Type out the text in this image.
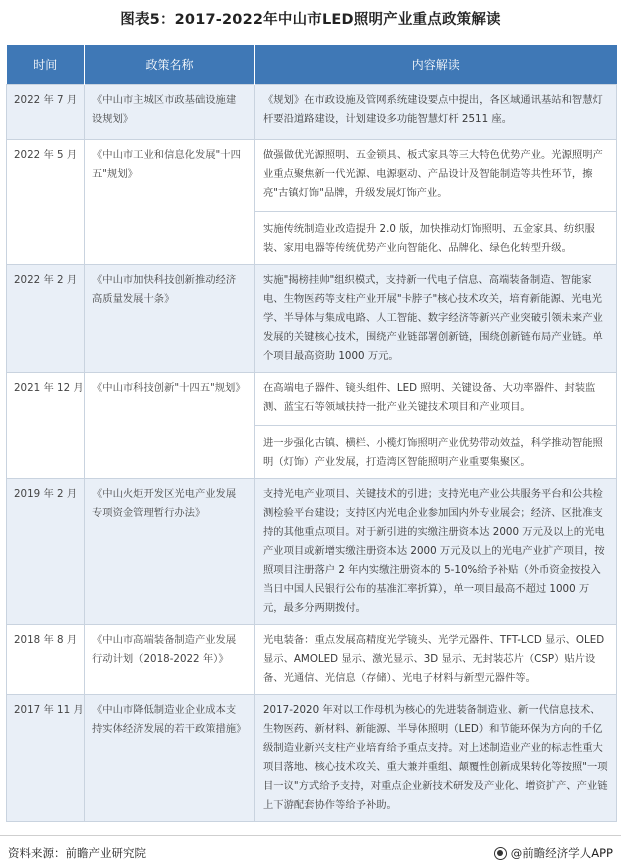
图表5：2017-2022年中山市LED照明产业重点政策解读
时间	政策名称	内容解读
2022 年 7 月	《中山市主城区市政基础设施建设规划》	《规划》在市政设施及管网系统建设要点中提出，各区域通讯基站和智慧灯杆要沿道路建设，计划建设多功能智慧灯杆 2511 座。

2022 年 5 月	《中山市工业和信息化发展"十四五"规划》	做强做优光源照明、五金锁具、板式家具等三大特色优势产业。光源照明产业重点聚焦新一代光源、电源驱动、产品设计及智能制造等共性环节，擦亮"古镇灯饰"品牌，升级发展灯饰产业。
实施传统制造业改造提升 2.0 版，加快推动灯饰照明、五金家具、纺织服装、家用电器等传统优势产业向智能化、品牌化、绿色化转型升级。

2022 年 2 月	《中山市加快科技创新推动经济高质量发展十条》	实施"揭榜挂帅"组织模式，支持新一代电子信息、高端装备制造、智能家电、生物医药等支柱产业开展"卡脖子"核心技术攻关，培育新能源、光电光学、半导体与集成电路、人工智能、数字经济等新兴产业突破引领未来产业发展的关键核心技术，围绕产业链部署创新链，围绕创新链布局产业链。单个项目最高资助 1000 万元。

2021 年 12 月	《中山市科技创新"十四五"规划》	在高端电子器件、镜头组件、LED 照明、关键设备、大功率器件、封装监测、蓝宝石等领域扶持一批产业关键技术项目和产业项目。
进一步强化古镇、横栏、小榄灯饰照明产业优势带动效益，科学推动智能照明（灯饰）产业发展，打造湾区智能照明产业重要集聚区。

2019 年 2 月	《中山火炬开发区光电产业发展专项资金管理暂行办法》	支持光电产业项目、关键技术的引进；支持光电产业公共服务平台和公共检测检验平台建设；支持区内光电企业参加国内外专业展会；经济、区批准支持的其他重点项目。对于新引进的实缴注册资本达 2000 万元及以上的光电产业项目或新增实缴注册资本达 2000 万元及以上的光电产业扩产项目，按照项目注册落户 2 年内实缴注册资本的 5-10%给予补贴（外币资金按投入当日中国人民银行公布的基准汇率折算），单一项目最高不超过 1000 万元，最多分两期拨付。

2018 年 8 月	《中山市高端装备制造产业发展行动计划（2018-2022 年）》	光电装备：重点发展高精度光学镜头、光学元器件、TFT-LCD 显示、OLED 显示、AMOLED 显示、激光显示、3D 显示、无封装芯片（CSP）贴片设备、光通信、光信息（存储）、光电子材料与新型元器件等。

2017 年 11 月	《中山市降低制造业企业成本支持实体经济发展的若干政策措施》	2017-2020 年对以工作母机为核心的先进装备制造业、新一代信息技术、生物医药、新材料、新能源、半导体照明（LED）和节能环保为方向的千亿级制造业新兴支柱产业培育给予重点支持。对上述制造业产业的标志性重大项目落地、核心技术攻关、重大兼并重组、颠覆性创新成果转化等按照"一项目一议"方式给予支持，对重点企业新技术研发及产业化、增资扩产、产业链上下游配套协作等给予补助。
资料来源：前瞻产业研究院	@前瞻经济学人APP
